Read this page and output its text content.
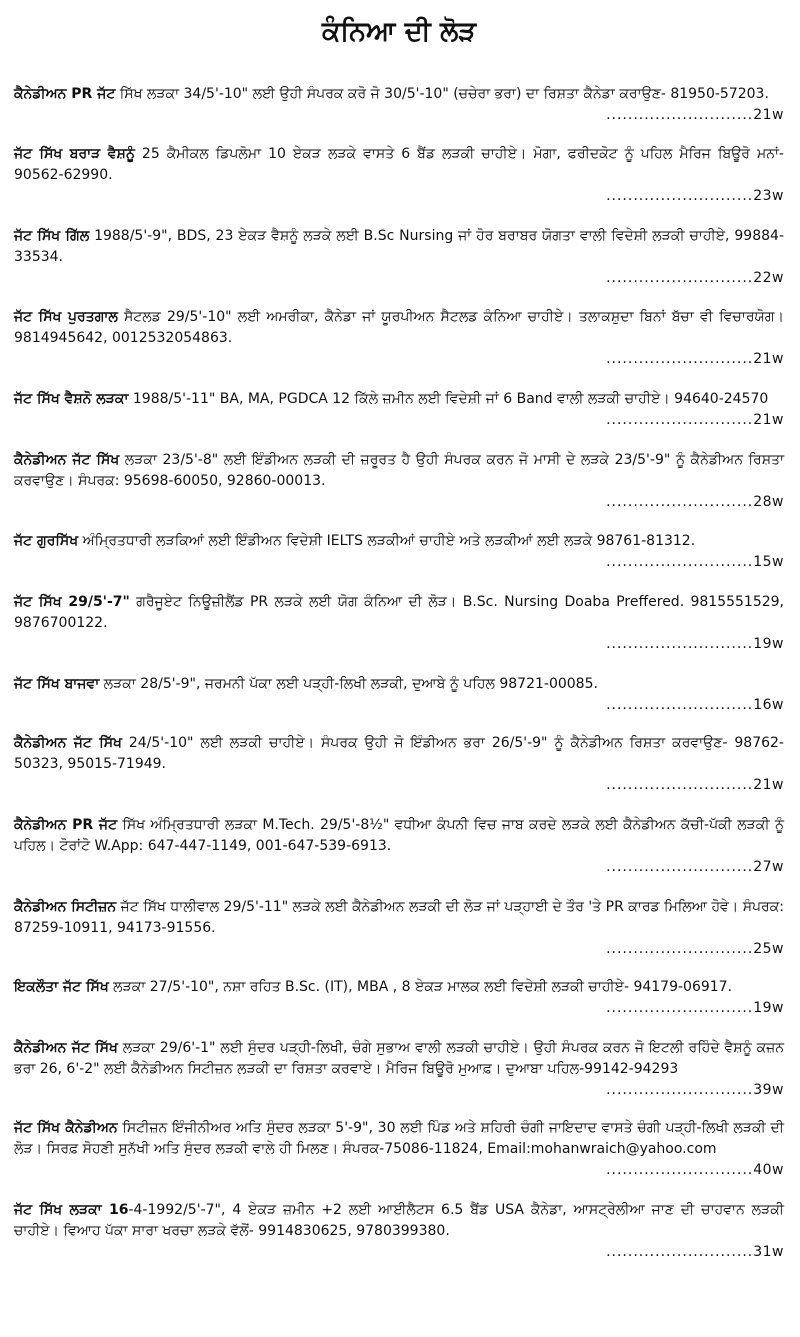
ਕੰਨਿਆ ਦੀ ਲੋੜ
ਕੈਨੇਡੀਅਨ PR ਜੱਟ ਸਿੱਖ ਲੜਕਾ 34/5'-10" ਲਈ ਉਹੀ ਸੰਪਰਕ ਕਰੋ ਜੋ 30/5'-10" (ਚਚੇਰਾ ਭਰਾ) ਦਾ ਰਿਸ਼ਤਾ ਕੈਨੇਡਾ ਕਰਾਉਣ- 81950-57203.
...........................21w
ਜੱਟ ਸਿੱਖ ਬਰਾੜ ਵੈਸ਼ਨੂੰ 25 ਕੈਮੀਕਲ ਡਿਪਲੋਮਾ 10 ਏਕੜ ਲੜਕੇ ਵਾਸਤੇ 6 ਬੈਂਡ ਲੜਕੀ ਚਾਹੀਏ। ਮੋਗਾ, ਫਰੀਦਕੋਟ ਨੂੰ ਪਹਿਲ ਮੈਰਿਜ ਬਿਊਰੋ ਮਨਾਂ- 90562-62990.
...........................23w
ਜੱਟ ਸਿੱਖ ਗਿੱਲ 1988/5'-9", BDS, 23 ਏਕੜ ਵੈਸ਼ਨੂੰ ਲੜਕੇ ਲਈ B.Sc Nursing ਜਾਂ ਹੋਰ ਬਰਾਬਰ ਯੋਗਤਾ ਵਾਲੀ ਵਿਦੇਸ਼ੀ ਲੜਕੀ ਚਾਹੀਏ, 99884-33534.
...........................22w
ਜੱਟ ਸਿੱਖ ਪੁਰਤਗਾਲ ਸੈਟਲਡ 29/5'-10" ਲਈ ਅਮਰੀਕਾ, ਕੈਨੇਡਾ ਜਾਂ ਯੂਰਪੀਅਨ ਸੈਟਲਡ ਕੰਨਿਆ ਚਾਹੀਏ। ਤਲਾਕਸ਼ੁਦਾ ਬਿਨਾਂ ਬੱਚਾ ਵੀ ਵਿਚਾਰਯੋਗ। 9814945642, 0012532054863.
...........................21w
ਜੱਟ ਸਿੱਖ ਵੈਸ਼ਨੋ ਲੜਕਾ 1988/5'-11" BA, MA, PGDCA 12 ਕਿੱਲੇ ਜ਼ਮੀਨ ਲਈ ਵਿਦੇਸ਼ੀ ਜਾਂ 6 Band ਵਾਲੀ ਲੜਕੀ ਚਾਹੀਏ। 94640-24570
...........................21w
ਕੈਨੇਡੀਅਨ ਜੱਟ ਸਿੱਖ ਲੜਕਾ 23/5'-8" ਲਈ ਇੰਡੀਅਨ ਲੜਕੀ ਦੀ ਜ਼ਰੂਰਤ ਹੈ ਉਹੀ ਸੰਪਰਕ ਕਰਨ ਜੋ ਮਾਸੀ ਦੇ ਲੜਕੇ 23/5'-9" ਨੂੰ ਕੈਨੇਡੀਅਨ ਰਿਸ਼ਤਾ ਕਰਵਾਉਣ। ਸੰਪਰਕ: 95698-60050, 92860-00013.
...........................28w
ਜੱਟ ਗੁਰਸਿੱਖ ਅੰਮ੍ਰਿਤਧਾਰੀ ਲੜਕਿਆਂ ਲਈ ਇੰਡੀਅਨ ਵਿਦੇਸ਼ੀ IELTS ਲੜਕੀਆਂ ਚਾਹੀਏ ਅਤੇ ਲੜਕੀਆਂ ਲਈ ਲੜਕੇ 98761-81312.
...........................15w
ਜੱਟ ਸਿੱਖ 29/5'-7" ਗਰੈਜੂਏਟ ਨਿਊਜ਼ੀਲੈਂਡ PR ਲੜਕੇ ਲਈ ਯੋਗ ਕੰਨਿਆ ਦੀ ਲੋੜ। B.Sc. Nursing Doaba Preffered. 9815551529, 9876700122.
...........................19w
ਜੱਟ ਸਿੱਖ ਬਾਜਵਾ ਲੜਕਾ 28/5'-9", ਜਰਮਨੀ ਪੱਕਾ ਲਈ ਪੜ੍ਹੀ-ਲਿਖੀ ਲੜਕੀ, ਦੁਆਬੇ ਨੂੰ ਪਹਿਲ 98721-00085.
...........................16w
ਕੈਨੇਡੀਅਨ ਜੱਟ ਸਿੱਖ 24/5'-10" ਲਈ ਲੜਕੀ ਚਾਹੀਏ। ਸੰਪਰਕ ਉਹੀ ਜੋ ਇੰਡੀਅਨ ਭਰਾ 26/5'-9" ਨੂੰ ਕੈਨੇਡੀਅਨ ਰਿਸ਼ਤਾ ਕਰਵਾਉਣ- 98762-50323, 95015-71949.
...........................21w
ਕੈਨੇਡੀਅਨ PR ਜੱਟ ਸਿੱਖ ਅੰਮ੍ਰਿਤਧਾਰੀ ਲੜਕਾ M.Tech. 29/5'-8½" ਵਧੀਆ ਕੰਪਨੀ ਵਿਚ ਜਾਬ ਕਰਦੇ ਲੜਕੇ ਲਈ ਕੈਨੇਡੀਅਨ ਕੱਚੀ-ਪੱਕੀ ਲੜਕੀ ਨੂੰ ਪਹਿਲ। ਟੋਰਾਂਟੋ W.App: 647-447-1149, 001-647-539-6913.
...........................27w
ਕੈਨੇਡੀਅਨ ਸਿਟੀਜ਼ਨ ਜੱਟ ਸਿੱਖ ਧਾਲੀਵਾਲ 29/5'-11" ਲੜਕੇ ਲਈ ਕੈਨੇਡੀਅਨ ਲੜਕੀ ਦੀ ਲੋੜ ਜਾਂ ਪੜ੍ਹਾਈ ਦੇ ਤੌਰ 'ਤੇ PR ਕਾਰਡ ਮਿਲਿਆ ਹੋਵੇ। ਸੰਪਰਕ: 87259-10911, 94173-91556.
...........................25w
ਇਕਲੌਤਾ ਜੱਟ ਸਿੱਖ ਲੜਕਾ 27/5'-10", ਨਸ਼ਾ ਰਹਿਤ B.Sc. (IT), MBA , 8 ਏਕੜ ਮਾਲਕ ਲਈ ਵਿਦੇਸ਼ੀ ਲੜਕੀ ਚਾਹੀਏ- 94179-06917.
...........................19w
ਕੈਨੇਡੀਅਨ ਜੱਟ ਸਿੱਖ ਲੜਕਾ 29/6'-1" ਲਈ ਸੁੰਦਰ ਪੜ੍ਹੀ-ਲਿਖੀ, ਚੰਗੇ ਸੁਭਾਅ ਵਾਲੀ ਲੜਕੀ ਚਾਹੀਏ। ਉਹੀ ਸੰਪਰਕ ਕਰਨ ਜੋ ਇਟਲੀ ਰਹਿੰਦੇ ਵੈਸ਼ਨੂੰ ਕਜ਼ਨ ਭਰਾ 26, 6'-2" ਲਈ ਕੈਨੇਡੀਅਨ ਸਿਟੀਜ਼ਨ ਲੜਕੀ ਦਾ ਰਿਸ਼ਤਾ ਕਰਵਾਏ। ਮੈਰਿਜ ਬਿਊਰੋ ਮੁਆਫ਼। ਦੁਆਬਾ ਪਹਿਲ-99142-94293
...........................39w
ਜੱਟ ਸਿੱਖ ਕੈਨੇਡੀਅਨ ਸਿਟੀਜ਼ਨ ਇੰਜੀਨੀਅਰ ਅਤਿ ਸੁੰਦਰ ਲੜਕਾ 5'-9", 30 ਲਈ ਪਿੰਡ ਅਤੇ ਸ਼ਹਿਰੀ ਚੰਗੀ ਜਾਇਦਾਦ ਵਾਸਤੇ ਚੰਗੀ ਪੜ੍ਹੀ-ਲਿਖੀ ਲੜਕੀ ਦੀ ਲੋੜ। ਸਿਰਫ਼ ਸੋਹਣੀ ਸੁਨੱਖੀ ਅਤਿ ਸੁੰਦਰ ਲੜਕੀ ਵਾਲੇ ਹੀ ਮਿਲਣ। ਸੰਪਰਕ-75086-11824, Email:mohanwraich@yahoo.com
...........................40w
ਜੱਟ ਸਿੱਖ ਲੜਕਾ 16-4-1992/5'-7", 4 ਏਕੜ ਜ਼ਮੀਨ +2 ਲਈ ਆਈਲੈਟਸ 6.5 ਬੈਂਡ USA ਕੈਨੇਡਾ, ਆਸਟ੍ਰੇਲੀਆ ਜਾਣ ਦੀ ਚਾਹਵਾਨ ਲੜਕੀ ਚਾਹੀਏ। ਵਿਆਹ ਪੱਕਾ ਸਾਰਾ ਖਰਚਾ ਲੜਕੇ ਵੱਲੋਂ- 9914830625, 9780399380.
...........................31w
